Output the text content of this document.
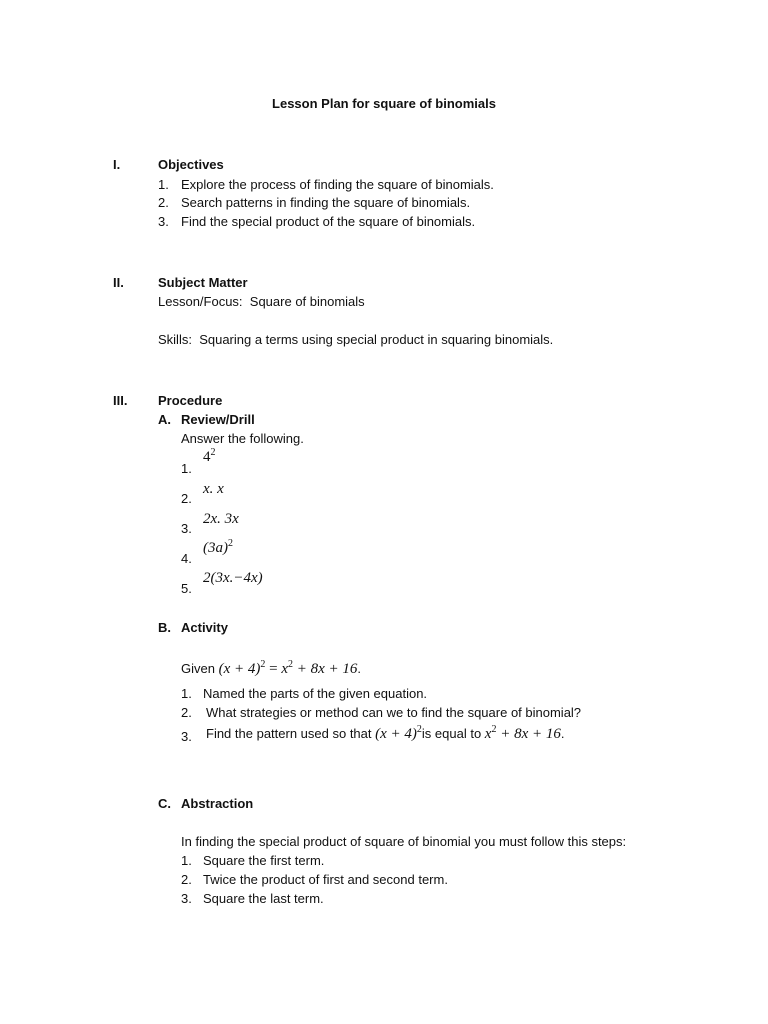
Lesson Plan for square of binomials
I.	Objectives
1. Explore the process of finding the square of binomials.
2. Search patterns in finding the square of binomials.
3. Find the special product of the square of binomials.
II.	Subject Matter
Lesson/Focus: Square of binomials
Skills: Squaring a terms using special product in squaring binomials.
III. Procedure
A. Review/Drill
Answer the following.
1.
$4^2$
2.
x. x
3.
2x. 3x
4.
$(3a)^2$
5.
2(3x.−4x)
B. Activity
Given $(x + 4)^2 = x^2 + 8x + 16$.
1. Named the parts of the given equation.
2. What strategies or method can we to find the square of binomial?
3. Find the pattern used so that $(x + 4)^2is$ equal to $x^2 + 8x + 16$.
C. Abstraction
In finding the special product of square of binomial you must follow this steps:
1. Square the first term.
2. Twice the product of first and second term.
3. Square the last term.
